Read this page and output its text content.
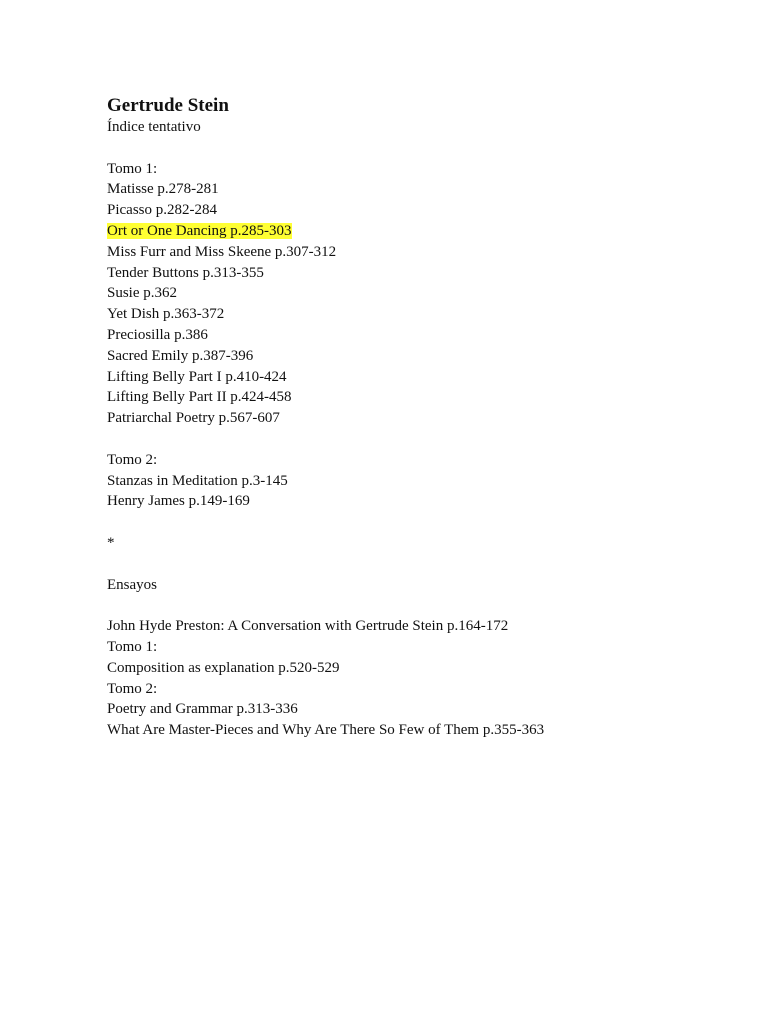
Gertrude Stein
Índice tentativo
Tomo 1:
Matisse p.278-281
Picasso p.282-284
Ort or One Dancing p.285-303
Miss Furr and Miss Skeene p.307-312
Tender Buttons p.313-355
Susie p.362
Yet Dish p.363-372
Preciosilla p.386
Sacred Emily p.387-396
Lifting Belly Part I p.410-424
Lifting Belly Part II p.424-458
Patriarchal Poetry p.567-607
Tomo 2:
Stanzas in Meditation p.3-145
Henry James p.149-169
*
Ensayos
John Hyde Preston: A Conversation with Gertrude Stein p.164-172
Tomo 1:
Composition as explanation p.520-529
Tomo 2:
Poetry and Grammar p.313-336
What Are Master-Pieces and Why Are There So Few of Them p.355-363
